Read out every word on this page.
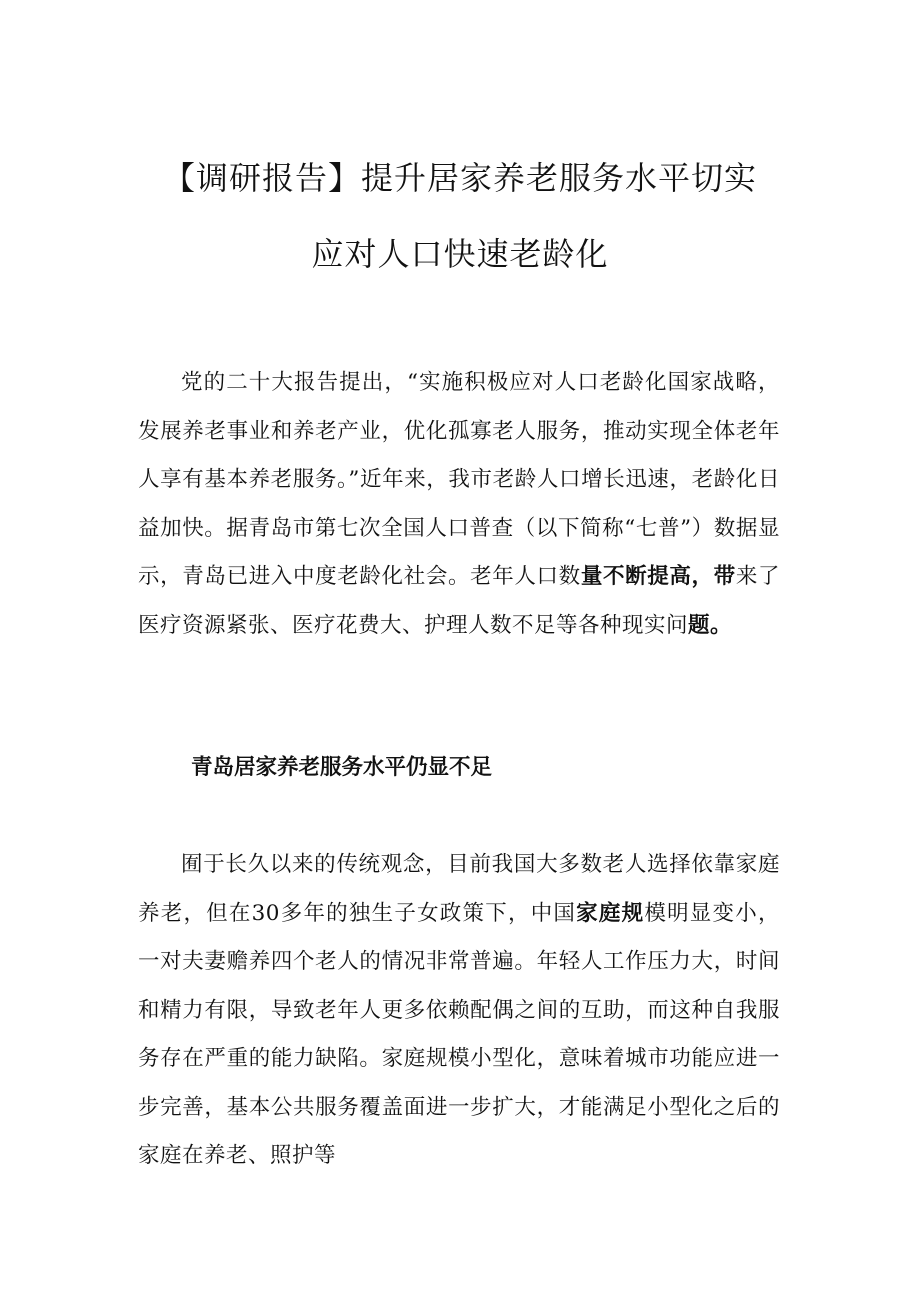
【调研报告】提升居家养老服务水平切实
应对人口快速老龄化

党的二十大报告提出，“实施积极应对人口老龄化国家战略，发展养老事业和养老产业，优化孤寡老人服务，推动实现全体老年人享有基本养老服务。”近年来，我市老龄人口增长迅速，老龄化日益加快。据青岛市第七次全国人口普查（以下简称“七普”）数据显示，青岛已进入中度老龄化社会。老年人口数量不断提高，带来了医疗资源紧张、医疗花费大、护理人数不足等各种现实问题。

青岛居家养老服务水平仍显不足

囿于长久以来的传统观念，目前我国大多数老人选择依靠家庭养老，但在30多年的独生子女政策下，中国家庭规模明显变小，一对夫妻赡养四个老人的情况非常普遍。年轻人工作压力大，时间和精力有限，导致老年人更多依赖配偶之间的互助，而这种自我服务存在严重的能力缺陷。家庭规模小型化，意味着城市功能应进一步完善，基本公共服务覆盖面进一步扩大，才能满足小型化之后的家庭在养老、照护等
